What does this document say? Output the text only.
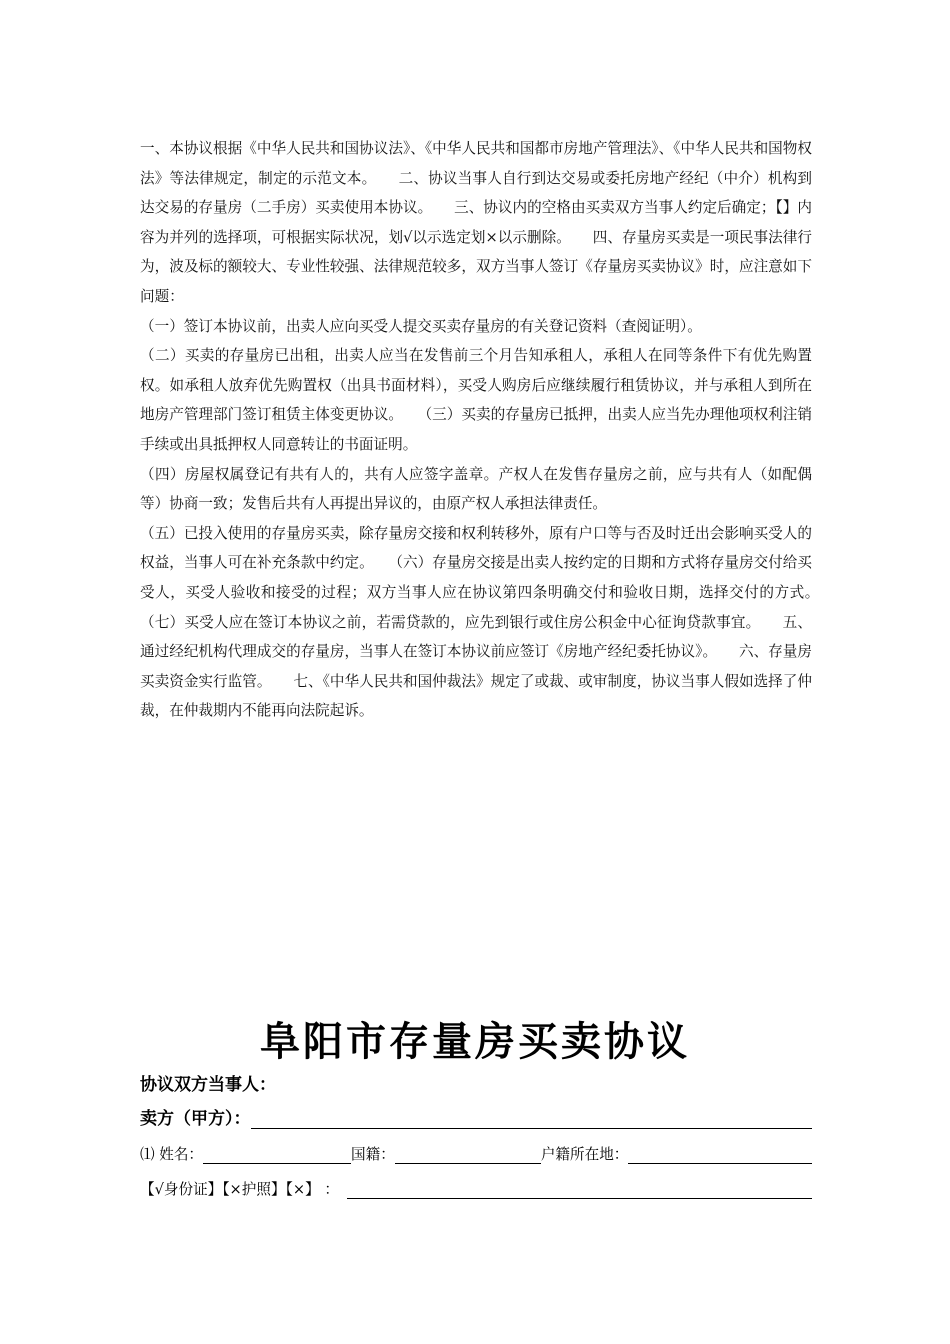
一、本协议根据《中华人民共和国协议法》、《中华人民共和国都市房地产管理法》、《中华人民共和国物权法》等法律规定，制定的示范文本。　　二、协议当事人自行到达交易或委托房地产经纪（中介）机构到达交易的存量房（二手房）买卖使用本协议。　　三、协议内的空格由买卖双方当事人约定后确定；【】内容为并列的选择项，可根据实际状况，划√以示选定划×以示删除。　　四、存量房买卖是一项民事法律行为，波及标的额较大、专业性较强、法律规范较多，双方当事人签订《存量房买卖协议》时，应注意如下问题：

（一）签订本协议前，出卖人应向买受人提交买卖存量房的有关登记资料（查阅证明）。

（二）买卖的存量房已出租，出卖人应当在发售前三个月告知承租人，承租人在同等条件下有优先购置权。如承租人放弃优先购置权（出具书面材料），买受人购房后应继续履行租赁协议，并与承租人到所在地房产管理部门签订租赁主体变更协议。　　（三）买卖的存量房已抵押，出卖人应当先办理他项权利注销手续或出具抵押权人同意转让的书面证明。

（四）房屋权属登记有共有人的，共有人应签字盖章。产权人在发售存量房之前，应与共有人（如配偶等）协商一致；发售后共有人再提出异议的，由原产权人承担法律责任。

（五）已投入使用的存量房买卖，除存量房交接和权利转移外，原有户口等与否及时迁出会影响买受人的权益，当事人可在补充条款中约定。　　（六）存量房交接是出卖人按约定的日期和方式将存量房交付给买受人，买受人验收和接受的过程；双方当事人应在协议第四条明确交付和验收日期，选择交付的方式。　　（七）买受人应在签订本协议之前，若需贷款的，应先到银行或住房公积金中心征询贷款事宜。　　五、通过经纪机构代理成交的存量房，当事人在签订本协议前应签订《房地产经纪委托协议》。　　六、存量房买卖资金实行监管。　　七、《中华人民共和国仲裁法》规定了或裁、或审制度，协议当事人假如选择了仲裁，在仲裁期内不能再向法院起诉。

阜阳市存量房买卖协议
协议双方当事人：
卖方（甲方）：
⑴ 姓名：	国籍：	户籍所在地：
【√身份证】【×护照】【×】 ：
